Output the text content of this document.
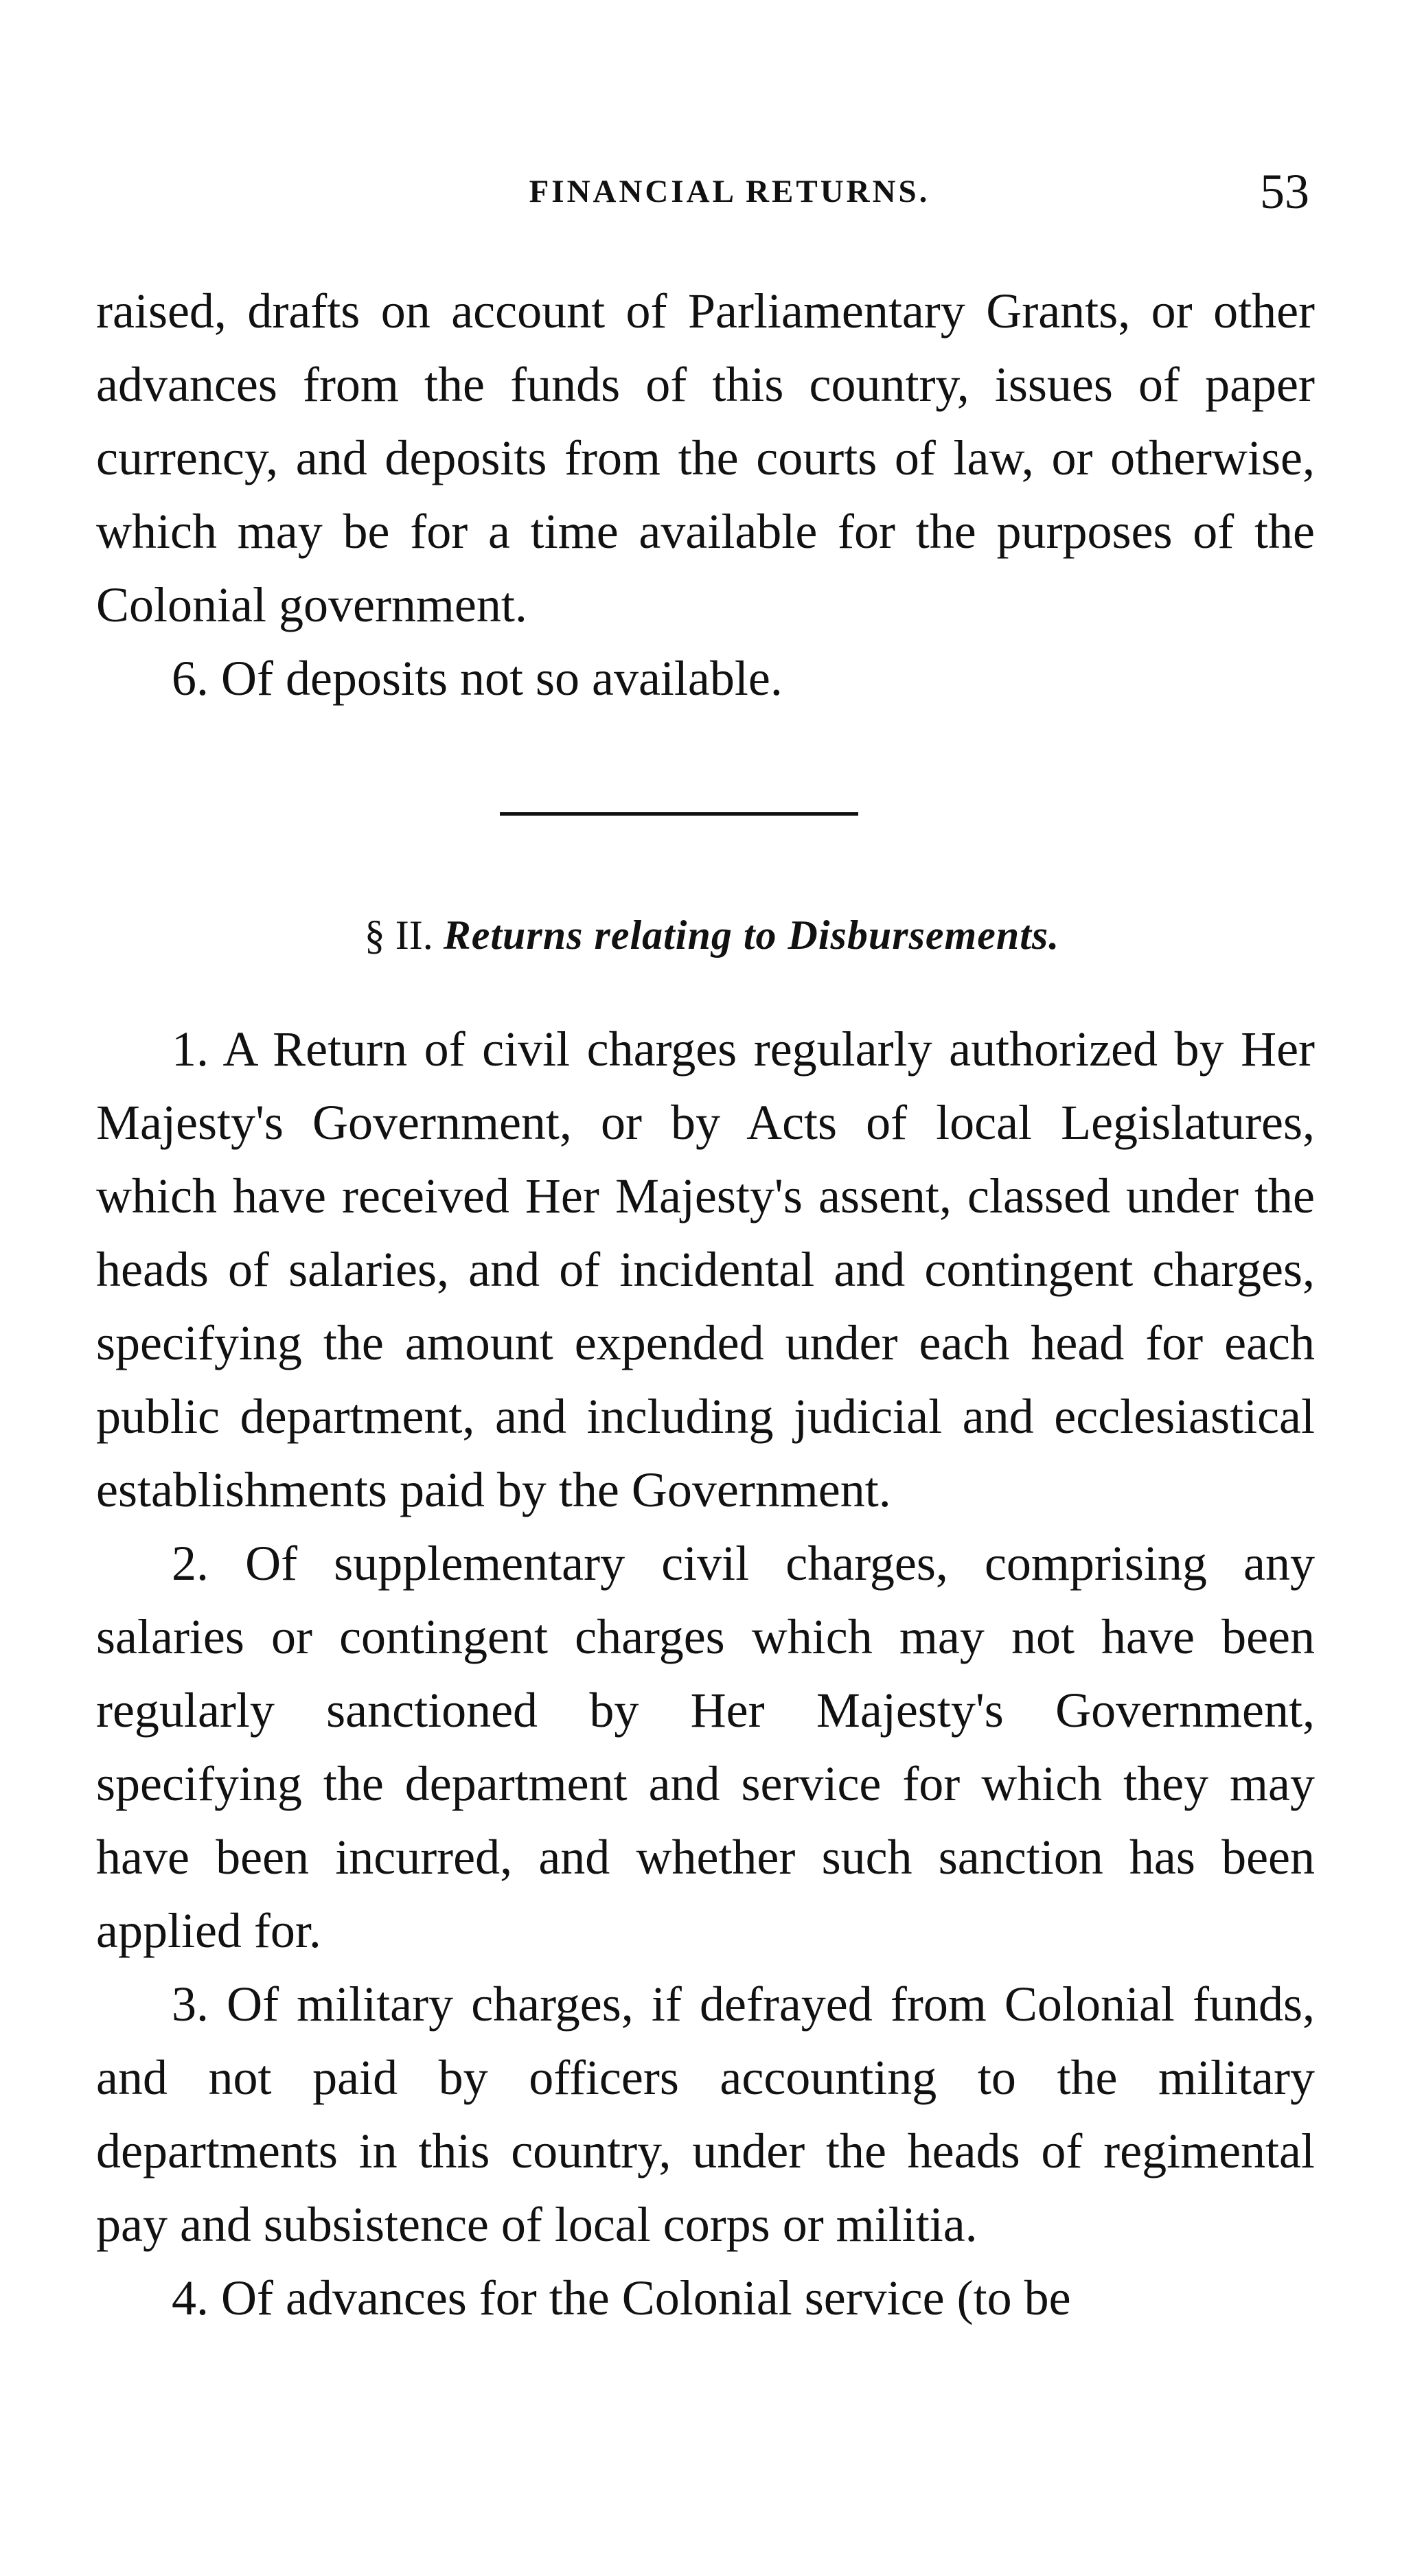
FINANCIAL RETURNS.	53

raised, drafts on account of Parliamentary Grants, or other advances from the funds of this country, issues of paper currency, and deposits from the courts of law, or otherwise, which may be for a time available for the purposes of the Colonial government.

6. Of deposits not so available.

§ II. Returns relating to Disbursements.

1. A Return of civil charges regularly authorized by Her Majesty's Government, or by Acts of local Legislatures, which have received Her Majesty's assent, classed under the heads of salaries, and of incidental and contingent charges, specifying the amount expended under each head for each public department, and including judicial and ecclesiastical establishments paid by the Government.

2. Of supplementary civil charges, comprising any salaries or contingent charges which may not have been regularly sanctioned by Her Majesty's Government, specifying the department and service for which they may have been incurred, and whether such sanction has been applied for.

3. Of military charges, if defrayed from Colonial funds, and not paid by officers accounting to the military departments in this country, under the heads of regimental pay and subsistence of local corps or militia.

4. Of advances for the Colonial service (to be
